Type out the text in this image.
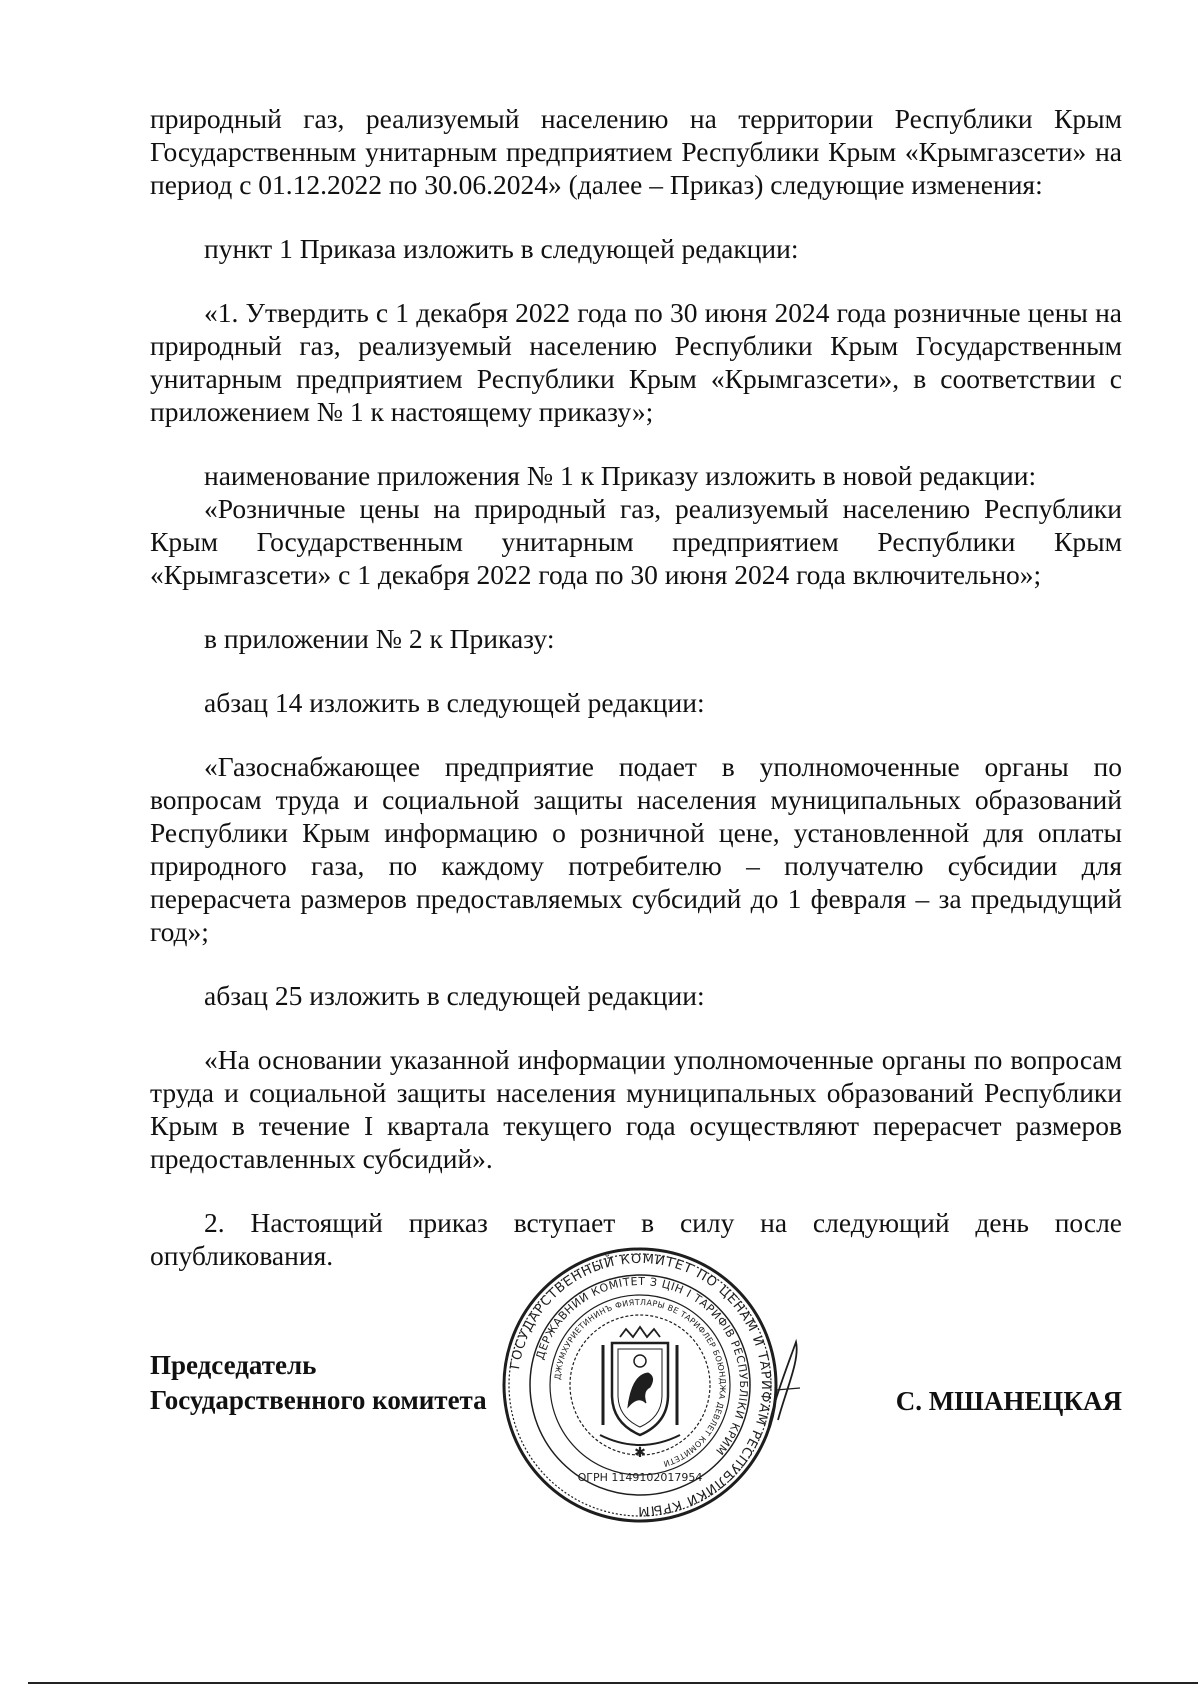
природный газ, реализуемый населению на территории Республики Крым Государственным унитарным предприятием Республики Крым «Крымгазсети» на период с 01.12.2022 по 30.06.2024» (далее – Приказ) следующие изменения:

пункт 1 Приказа изложить в следующей редакции:

«1. Утвердить с 1 декабря 2022 года по 30 июня 2024 года розничные цены на природный газ, реализуемый населению Республики Крым Государственным унитарным предприятием Республики Крым «Крымгазсети», в соответствии с приложением № 1 к настоящему приказу»;

наименование приложения № 1 к Приказу изложить в новой редакции:

«Розничные цены на природный газ, реализуемый населению Республики Крым Государственным унитарным предприятием Республики Крым «Крымгазсети» с 1 декабря 2022 года по 30 июня 2024 года включительно»;

в приложении № 2 к Приказу:

абзац 14 изложить в следующей редакции:

«Газоснабжающее предприятие подает в уполномоченные органы по вопросам труда и социальной защиты населения муниципальных образований Республики Крым информацию о розничной цене, установленной для оплаты природного газа, по каждому потребителю – получателю субсидии для перерасчета размеров предоставляемых субсидий до 1 февраля – за предыдущий год»;

абзац 25 изложить в следующей редакции:

«На основании указанной информации уполномоченные органы по вопросам труда и социальной защиты населения муниципальных образований Республики Крым в течение I квартала текущего года осуществляют перерасчет размеров предоставленных субсидий».

2. Настоящий приказ вступает в силу на следующий день после опубликования.

ГОСУДАРСТВЕННЫЙ КОМИТЕТ ПО ЦЕНАМ И ТАРИФАМ РЕСПУБЛИКИ КРЫМ
ДЕРЖАВНИЙ КОМІТЕТ З ЦІН І ТАРИФІВ РЕСПУБЛІКИ КРИМ
ДЖУМХУРИЕТИНИНЪ ФИЯТЛАРЫ ВЕ ТАРИФЛЕР БОЮНДЖА ДЕВЛЕТ КОМИТЕТИ
ОГРН 1149102017954
✱
Председатель
Государственного комитета	С. МШАНЕЦКАЯ
